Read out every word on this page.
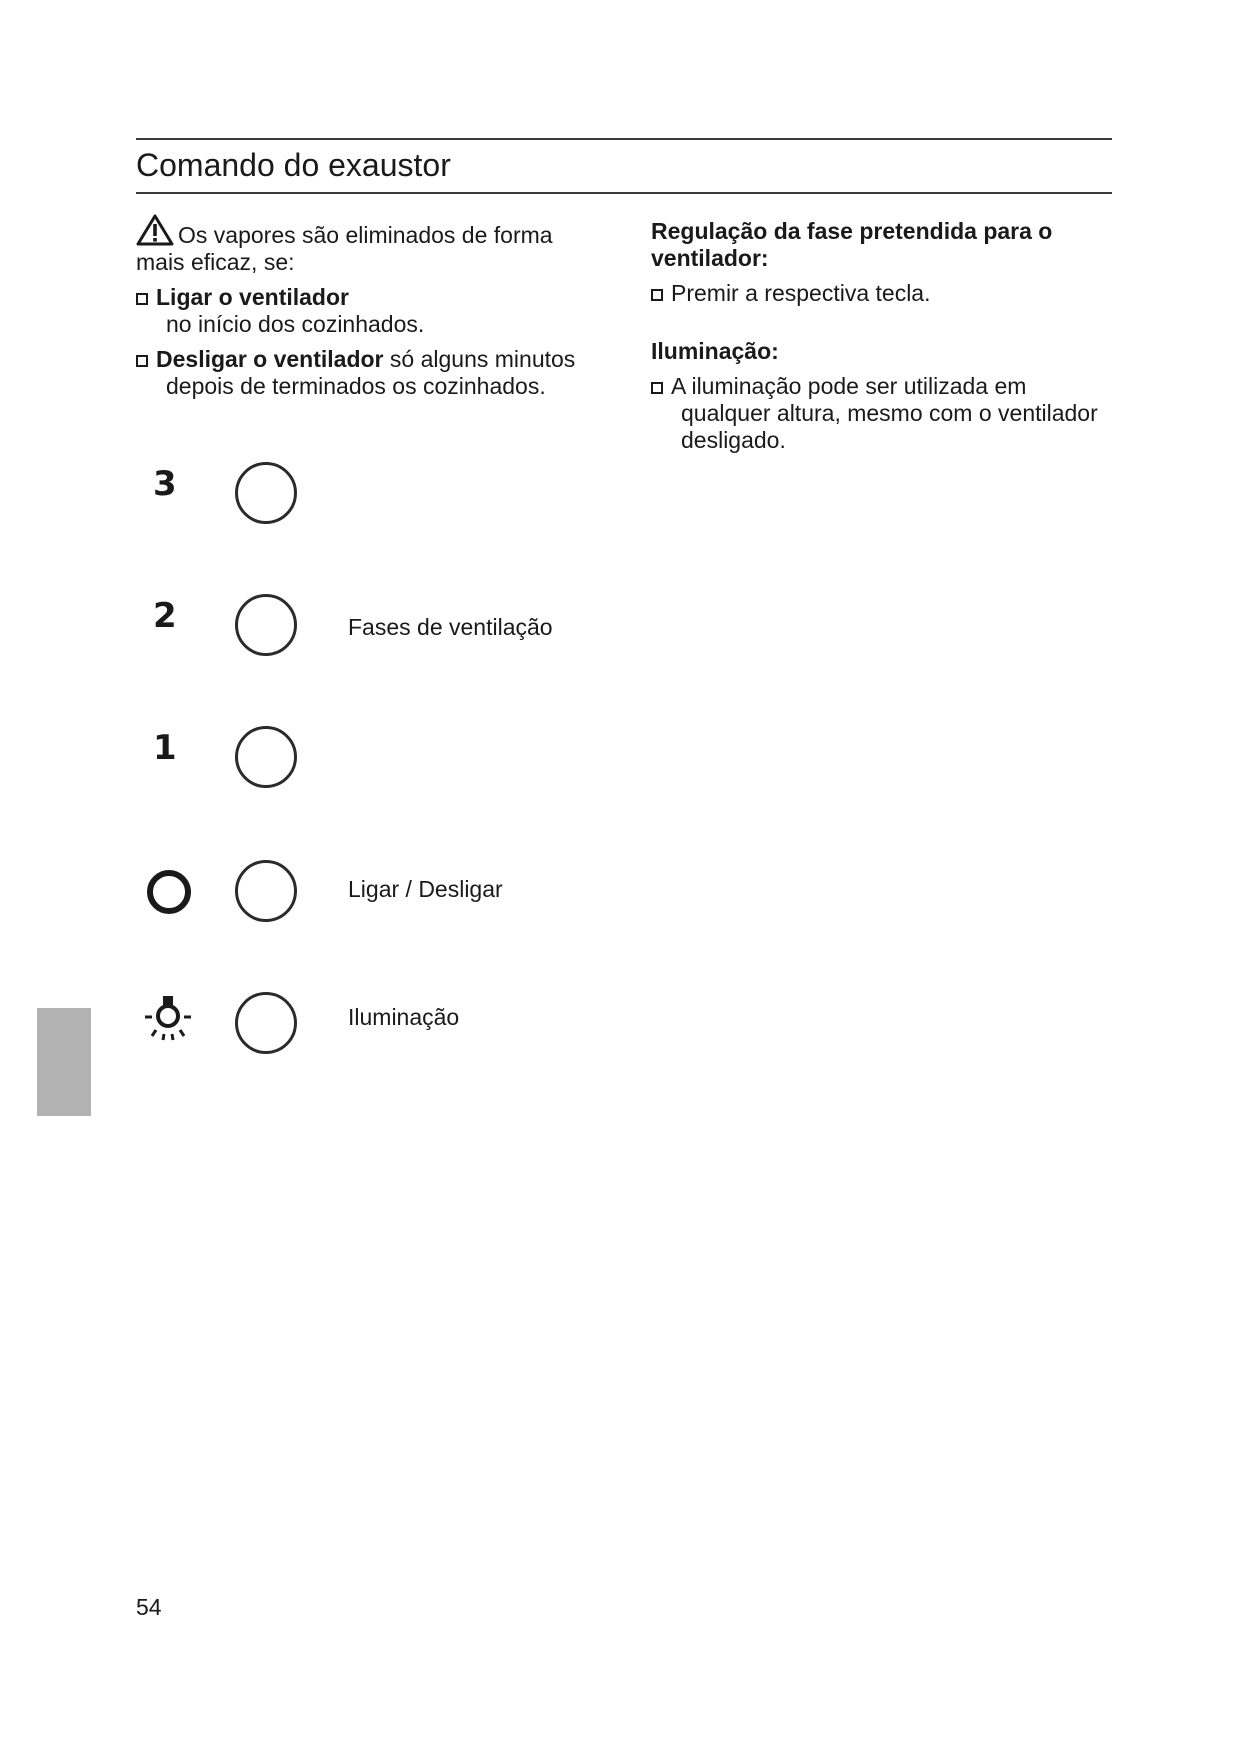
Comando do exaustor
Os vapores são eliminados de forma
mais eficaz, se:
Ligar o ventilador
no início dos cozinhados.
Desligar o ventilador só alguns minutos
depois de terminados os cozinhados.
Regulação da fase pretendida para o
ventilador:
Premir a respectiva tecla.
Iluminação:
A iluminação pode ser utilizada em
qualquer altura, mesmo com o ventilador
desligado.
3
2	Fases de ventilação
1
Ligar / Desligar
Iluminação
54
